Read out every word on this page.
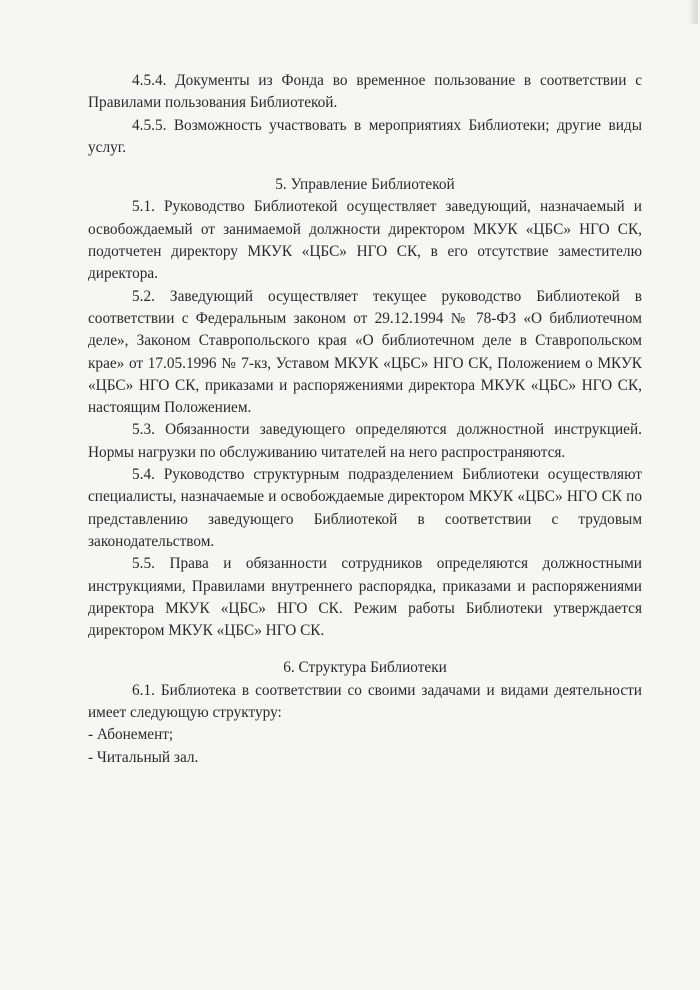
4.5.4. Документы из Фонда во временное пользование в соответствии с Правилами пользования Библиотекой.

4.5.5. Возможность участвовать в мероприятиях Библиотеки; другие виды услуг.

5. Управление Библиотекой

5.1. Руководство Библиотекой осуществляет заведующий, назначаемый и освобождаемый от занимаемой должности директором МКУК «ЦБС» НГО СК, подотчетен директору МКУК «ЦБС» НГО СК, в его отсутствие заместителю директора.

5.2. Заведующий осуществляет текущее руководство Библиотекой в соответствии с Федеральным законом от 29.12.1994 № 78-ФЗ «О библиотечном деле», Законом Ставропольского края «О библиотечном деле в Ставропольском крае» от 17.05.1996 № 7-кз, Уставом МКУК «ЦБС» НГО СК, Положением о МКУК «ЦБС» НГО СК, приказами и распоряжениями директора МКУК «ЦБС» НГО СК, настоящим Положением.

5.3. Обязанности заведующего определяются должностной инструкцией. Нормы нагрузки по обслуживанию читателей на него распространяются.

5.4. Руководство структурным подразделением Библиотеки осуществляют специалисты, назначаемые и освобождаемые директором МКУК «ЦБС» НГО СК по представлению заведующего Библиотекой в соответствии с трудовым законодательством.

5.5. Права и обязанности сотрудников определяются должностными инструкциями, Правилами внутреннего распорядка, приказами и распоряжениями директора МКУК «ЦБС» НГО СК. Режим работы Библиотеки утверждается директором МКУК «ЦБС» НГО СК.

6. Структура Библиотеки

6.1. Библиотека в соответствии со своими задачами и видами деятельности имеет следующую структуру:

- Абонемент;

- Читальный зал.
